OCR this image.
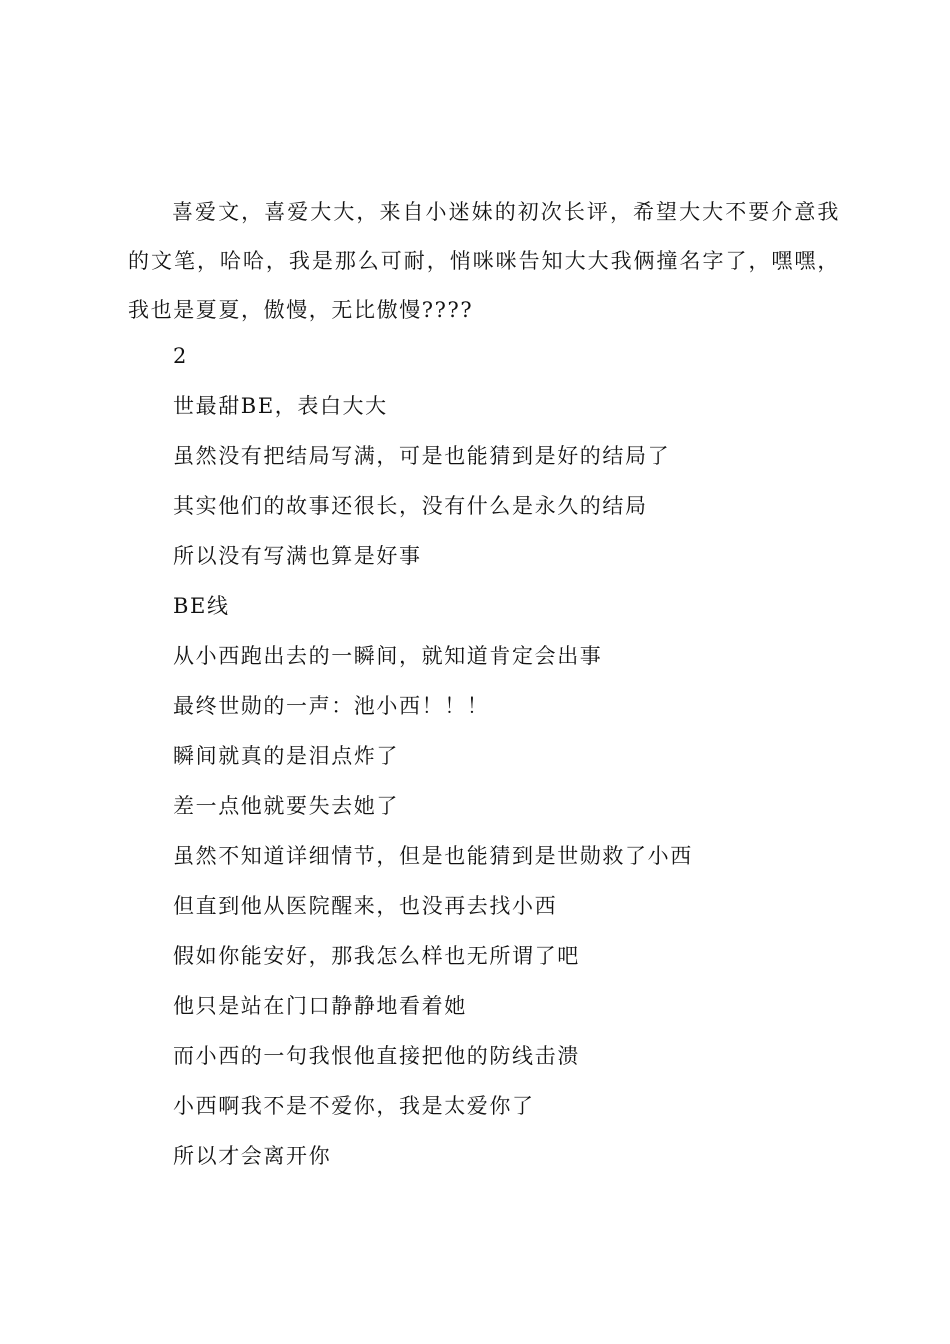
喜爱文，喜爱大大，来自小迷妹的初次长评，希望大大不要介意我的文笔，哈哈，我是那么可耐，悄咪咪告知大大我俩撞名字了，嘿嘿，我也是夏夏，傲慢，无比傲慢????

2
世最甜BE，表白大大
虽然没有把结局写满，可是也能猜到是好的结局了
其实他们的故事还很长，没有什么是永久的结局
所以没有写满也算是好事
BE线
从小西跑出去的一瞬间，就知道肯定会出事
最终世勋的一声：池小西！！！
瞬间就真的是泪点炸了
差一点他就要失去她了
虽然不知道详细情节，但是也能猜到是世勋救了小西
但直到他从医院醒来，也没再去找小西
假如你能安好，那我怎么样也无所谓了吧
他只是站在门口静静地看着她
而小西的一句我恨他直接把他的防线击溃
小西啊我不是不爱你，我是太爱你了
所以才会离开你
